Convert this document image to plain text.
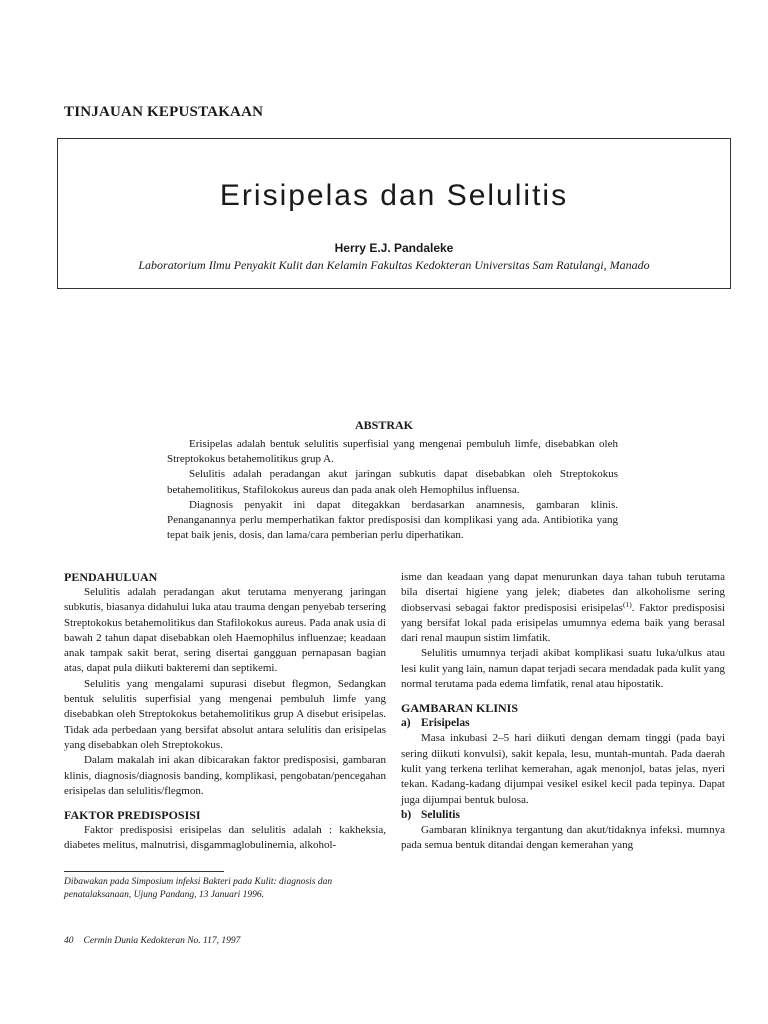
TINJAUAN KEPUSTAKAAN
Erisipelas dan Selulitis
Herry E.J. Pandaleke
Laboratorium Ilmu Penyakit Kulit dan Kelamin Fakultas Kedokteran Universitas Sam Ratulangi, Manado
ABSTRAK

Erisipelas adalah bentuk selulitis superfisial yang mengenai pembuluh limfe, disebabkan oleh Streptokokus betahemolitikus grup A.

Selulitis adalah peradangan akut jaringan subkutis dapat disebabkan oleh Streptokokus betahemolitikus, Stafilokokus aureus dan pada anak oleh Hemophilus influensa.

Diagnosis penyakit ini dapat ditegakkan berdasarkan anamnesis, gambaran klinis. Penanganannya perlu memperhatikan faktor predisposisi dan komplikasi yang ada. Antibiotika yang tepat baik jenis, dosis, dan lama/cara pemberian perlu diperhatikan.

PENDAHULUAN

Selulitis adalah peradangan akut terutama menyerang jaringan subkutis, biasanya didahului luka atau trauma dengan penyebab tersering Streptokokus betahemolitikus dan Stafilokokus aureus. Pada anak usia di bawah 2 tahun dapat disebabkan oleh Haemophilus influenzae; keadaan anak tampak sakit berat, sering disertai gangguan pernapasan bagian atas, dapat pula diikuti bakteremi dan septikemi.

Selulitis yang mengalami supurasi disebut flegmon, Sedangkan bentuk selulitis superfisial yang mengenai pembuluh limfe yang disebabkan oleh Streptokokus betahemolitikus grup A disebut erisipelas. Tidak ada perbedaan yang bersifat absolut antara selulitis dan erisipelas yang disebabkan oleh Streptokokus.

Dalam makalah ini akan dibicarakan faktor predisposisi, gambaran klinis, diagnosis/diagnosis banding, komplikasi, pengobatan/pencegahan erisipelas dan selulitis/flegmon.

FAKTOR PREDISPOSISI

Faktor predisposisi erisipelas dan selulitis adalah : kakheksia, diabetes melitus, malnutrisi, disgammaglobulinemia, alkohol-

isme dan keadaan yang dapat menurunkan daya tahan tubuh terutama bila disertai higiene yang jelek; diabetes dan alkoholisme sering diobservasi sebagai faktor predisposisi erisipelas$^{(1)}$. Faktor predisposisi yang bersifat lokal pada erisipelas umumnya edema baik yang berasal dari renal maupun sistim limfatik.

Selulitis umumnya terjadi akibat komplikasi suatu luka/ulkus atau lesi kulit yang lain, namun dapat terjadi secara mendadak pada kulit yang normal terutama pada edema limfatik, renal atau hipostatik.

GAMBARAN KLINIS
a) Erisipelas

Masa inkubasi 2–5 hari diikuti dengan demam tinggi (pada bayi sering diikuti konvulsi), sakit kepala, lesu, muntah-muntah. Pada daerah kulit yang terkena terlihat kemerahan, agak menonjol, batas jelas, nyeri tekan. Kadang-kadang dijumpai vesikel esikel kecil pada tepinya. Dapat juga dijumpai bentuk bulosa.

b) Selulitis

Gambaran kliniknya tergantung dan akut/tidaknya infeksi. mumnya pada semua bentuk ditandai dengan kemerahan yang

Dibawakan pada Simposium infeksi Bakteri pada Kulit: diagnosis dan penatalaksanaan, Ujung Pandang, 13 Januari 1996.
40 Cermin Dunia Kedokteran No. 117, 1997
